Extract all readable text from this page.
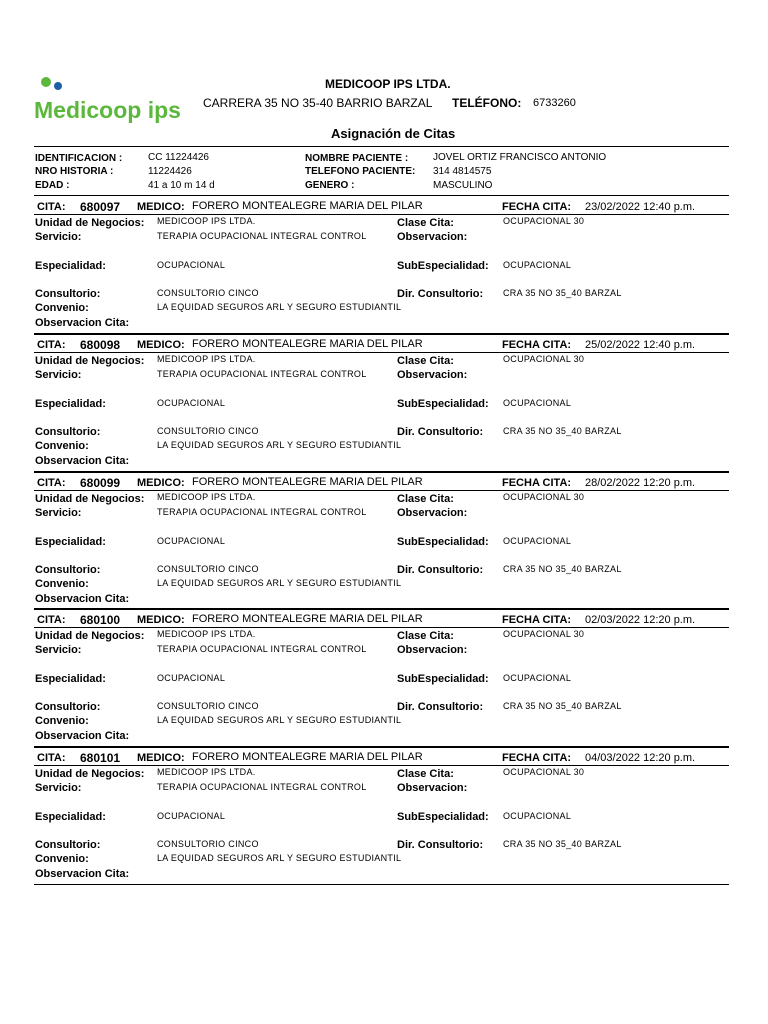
Medicoop ips
MEDICOOP IPS LTDA.
CARRERA 35 NO 35-40 BARRIO BARZAL TELÉFONO: 6733260
Asignación de Citas
IDENTIFICACION :	CC 11224426
NRO HISTORIA :	11224426
EDAD :	41 a 10 m 14 d
NOMBRE PACIENTE : JOVEL ORTIZ FRANCISCO ANTONIO
TELEFONO PACIENTE: 314 4814575
GENERO :	MASCULINO
CITA: 680097 MEDICO: FORERO MONTEALEGRE MARIA DEL PILAR	FECHA CITA: 23/02/2022 12:40 p.m.
Unidad de Negocios: MEDICOOP IPS LTDA.
Servicio:	TERAPIA OCUPACIONAL INTEGRAL CONTROL
Especialidad:	OCUPACIONAL
Consultorio:	CONSULTORIO CINCO
Convenio:	LA EQUIDAD SEGUROS ARL Y SEGURO ESTUDIANTIL
Observacion Cita:
Clase Cita:	OCUPACIONAL 30
Observacion:
SubEspecialidad: OCUPACIONAL
Dir. Consultorio: CRA 35 NO 35_40 BARZAL
CITA: 680098 MEDICO: FORERO MONTEALEGRE MARIA DEL PILAR	FECHA CITA: 25/02/2022 12:40 p.m.
Unidad de Negocios: MEDICOOP IPS LTDA.
Servicio:	TERAPIA OCUPACIONAL INTEGRAL CONTROL
Especialidad:	OCUPACIONAL
Consultorio:	CONSULTORIO CINCO
Convenio:	LA EQUIDAD SEGUROS ARL Y SEGURO ESTUDIANTIL
Observacion Cita:
Clase Cita:	OCUPACIONAL 30
Observacion:
SubEspecialidad: OCUPACIONAL
Dir. Consultorio: CRA 35 NO 35_40 BARZAL
CITA: 680099 MEDICO: FORERO MONTEALEGRE MARIA DEL PILAR	FECHA CITA: 28/02/2022 12:20 p.m.
Unidad de Negocios: MEDICOOP IPS LTDA.
Servicio:	TERAPIA OCUPACIONAL INTEGRAL CONTROL
Especialidad:	OCUPACIONAL
Consultorio:	CONSULTORIO CINCO
Convenio:	LA EQUIDAD SEGUROS ARL Y SEGURO ESTUDIANTIL
Observacion Cita:
Clase Cita:	OCUPACIONAL 30
Observacion:
SubEspecialidad: OCUPACIONAL
Dir. Consultorio: CRA 35 NO 35_40 BARZAL
CITA: 680100 MEDICO: FORERO MONTEALEGRE MARIA DEL PILAR	FECHA CITA: 02/03/2022 12:20 p.m.
Unidad de Negocios: MEDICOOP IPS LTDA.
Servicio:	TERAPIA OCUPACIONAL INTEGRAL CONTROL
Especialidad:	OCUPACIONAL
Consultorio:	CONSULTORIO CINCO
Convenio:	LA EQUIDAD SEGUROS ARL Y SEGURO ESTUDIANTIL
Observacion Cita:
Clase Cita:	OCUPACIONAL 30
Observacion:
SubEspecialidad: OCUPACIONAL
Dir. Consultorio: CRA 35 NO 35_40 BARZAL
CITA: 680101 MEDICO: FORERO MONTEALEGRE MARIA DEL PILAR	FECHA CITA: 04/03/2022 12:20 p.m.
Unidad de Negocios: MEDICOOP IPS LTDA.
Servicio:	TERAPIA OCUPACIONAL INTEGRAL CONTROL
Especialidad:	OCUPACIONAL
Consultorio:	CONSULTORIO CINCO
Convenio:	LA EQUIDAD SEGUROS ARL Y SEGURO ESTUDIANTIL
Observacion Cita:
Clase Cita:	OCUPACIONAL 30
Observacion:
SubEspecialidad: OCUPACIONAL
Dir. Consultorio: CRA 35 NO 35_40 BARZAL
